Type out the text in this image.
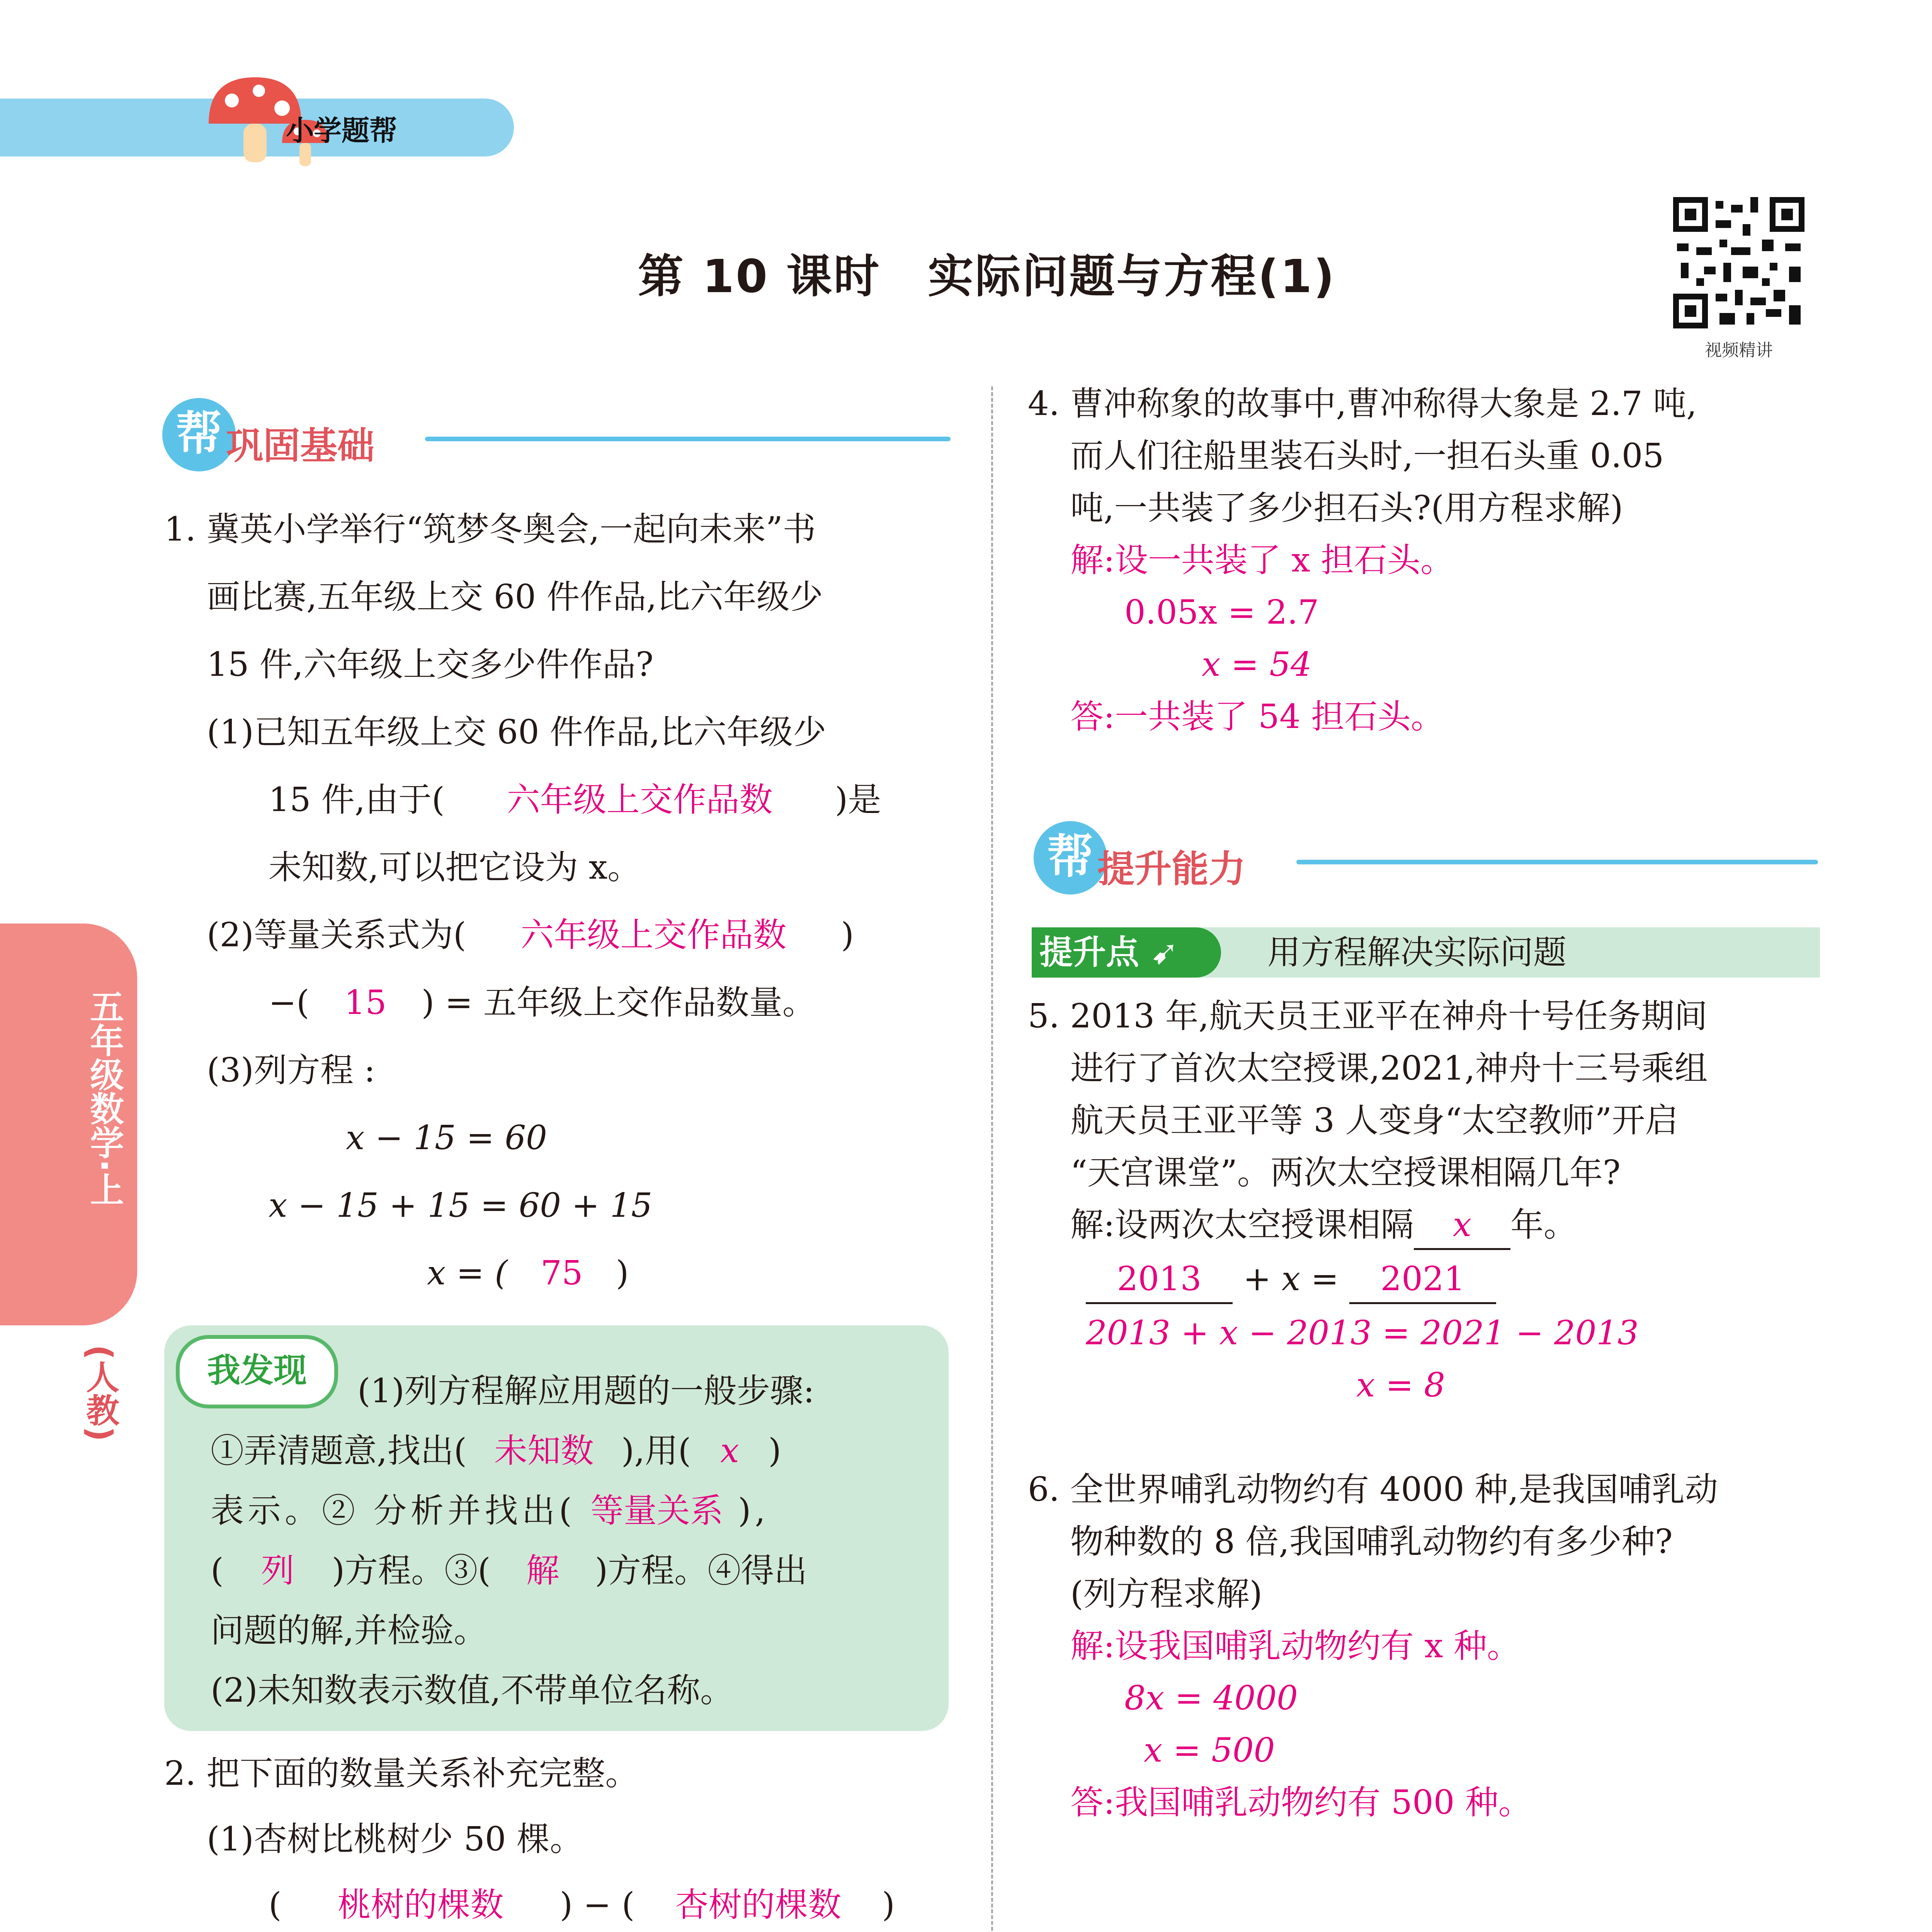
小学题帮
第 10 课时　实际问题与方程(1)
视频精讲
五年级数学·上
(人教)
帮 巩固基础
1. 冀英小学举行“筑梦冬奥会,一起向未来”书
画比赛,五年级上交 60 件作品,比六年级少
15 件,六年级上交多少件作品?
(1)已知五年级上交 60 件作品,比六年级少
15 件,由于( 六年级上交作品数 )是
未知数,可以把它设为 x。
(2)等量关系式为( 六年级上交作品数 )
−( 15 ) = 五年级上交作品数量。
(3)列方程 :
x − 15 = 60
x − 15 + 15 = 60 + 15
x = ( 75 )
我发现
(1)列方程解应用题的一般步骤:
①弄清题意,找出( 未知数 ),用( x )
表示。② 分析并找出( 等量关系 ),
( 列 )方程。③( 解 )方程。④得出
问题的解,并检验。
(2)未知数表示数值,不带单位名称。
2. 把下面的数量关系补充完整。
(1)杏树比桃树少 50 棵。
( 桃树的棵数 ) − ( 杏树的棵数 )
4. 曹冲称象的故事中,曹冲称得大象是 2.7 吨,
而人们往船里装石头时,一担石头重 0.05
吨,一共装了多少担石头?(用方程求解)
解:设一共装了 x 担石头。
0.05x = 2.7
x = 54
答:一共装了 54 担石头。
帮 提升能力
提升点 ➹	用方程解决实际问题
5. 2013 年,航天员王亚平在神舟十号任务期间
进行了首次太空授课,2021,神舟十三号乘组
航天员王亚平等 3 人变身“太空教师”开启
“天宫课堂”。两次太空授课相隔几年?
解:设两次太空授课相隔 x 年。
2013 + x = 2021
2013 + x − 2013 = 2021 − 2013
x = 8
6. 全世界哺乳动物约有 4000 种,是我国哺乳动
物种数的 8 倍,我国哺乳动物约有多少种?
(列方程求解)
解:设我国哺乳动物约有 x 种。
8x = 4000
x = 500
答:我国哺乳动物约有 500 种。
